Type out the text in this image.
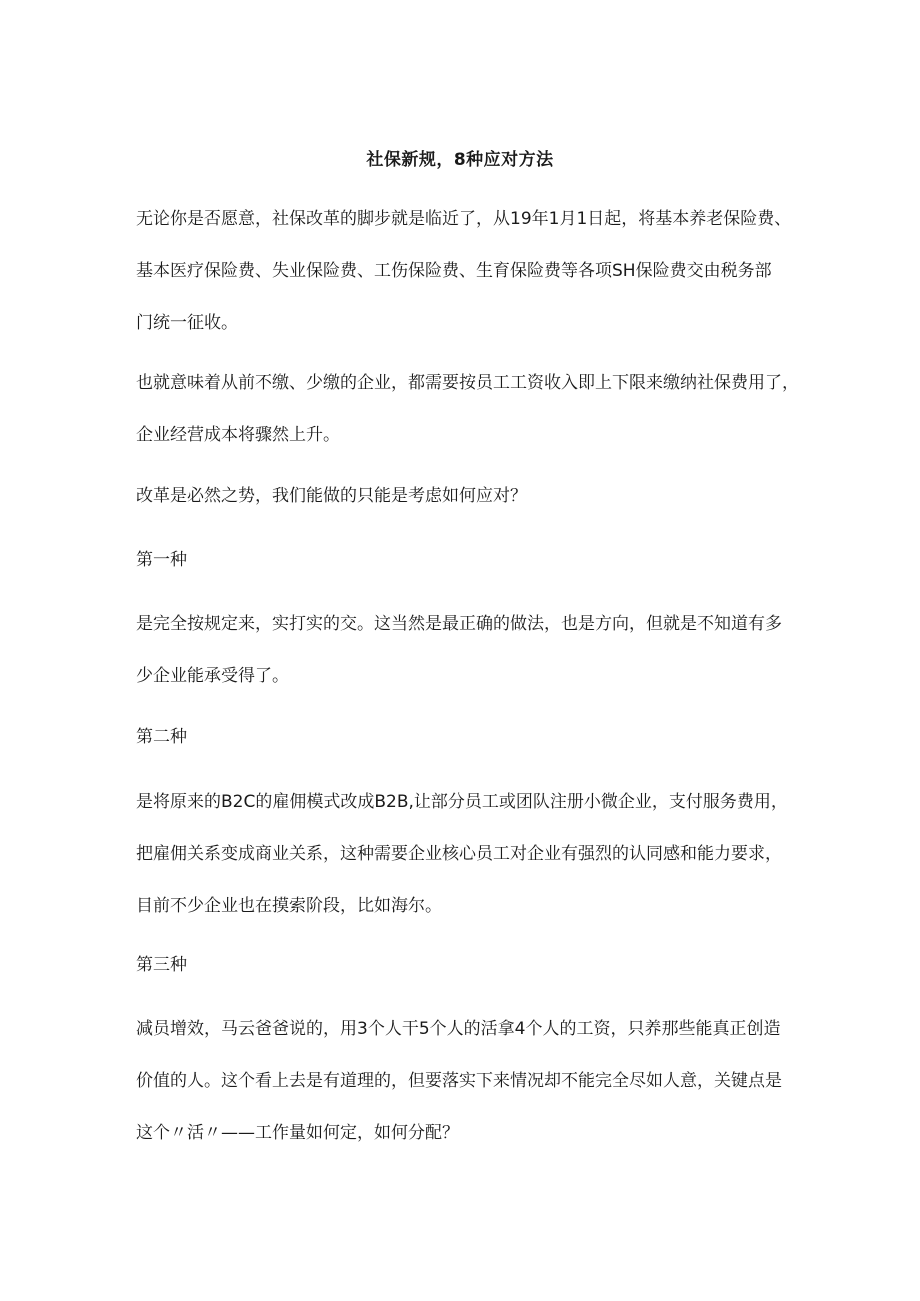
社保新规，8种应对方法
无论你是否愿意，社保改革的脚步就是临近了，从19年1月1日起，将基本养老保险费、
基本医疗保险费、失业保险费、工伤保险费、生育保险费等各项SH保险费交由税务部
门统一征收。
也就意味着从前不缴、少缴的企业，都需要按员工工资收入即上下限来缴纳社保费用了，
企业经营成本将骤然上升。
改革是必然之势，我们能做的只能是考虑如何应对？
第一种
是完全按规定来，实打实的交。这当然是最正确的做法，也是方向，但就是不知道有多
少企业能承受得了。
第二种
是将原来的B2C的雇佣模式改成B2B,让部分员工或团队注册小微企业，支付服务费用，
把雇佣关系变成商业关系，这种需要企业核心员工对企业有强烈的认同感和能力要求，
目前不少企业也在摸索阶段，比如海尔。
第三种
减员增效，马云爸爸说的，用3个人干5个人的活拿4个人的工资，只养那些能真正创造
价值的人。这个看上去是有道理的，但要落实下来情况却不能完全尽如人意，关键点是
这个〃活〃——工作量如何定，如何分配？
